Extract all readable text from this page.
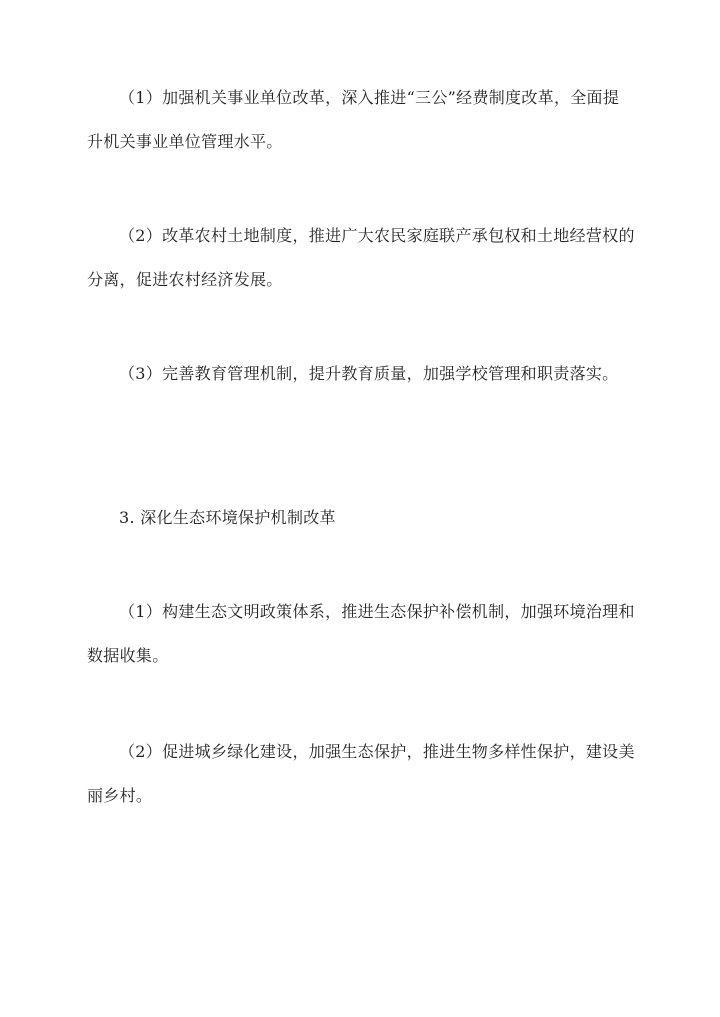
（1）加强机关事业单位改革，深入推进“三公”经费制度改革，全面提升机关事业单位管理水平。

（2）改革农村土地制度，推进广大农民家庭联产承包权和土地经营权的分离，促进农村经济发展。

（3）完善教育管理机制，提升教育质量，加强学校管理和职责落实。

3. 深化生态环境保护机制改革

（1）构建生态文明政策体系，推进生态保护补偿机制，加强环境治理和数据收集。

（2）促进城乡绿化建设，加强生态保护，推进生物多样性保护，建设美丽乡村。
